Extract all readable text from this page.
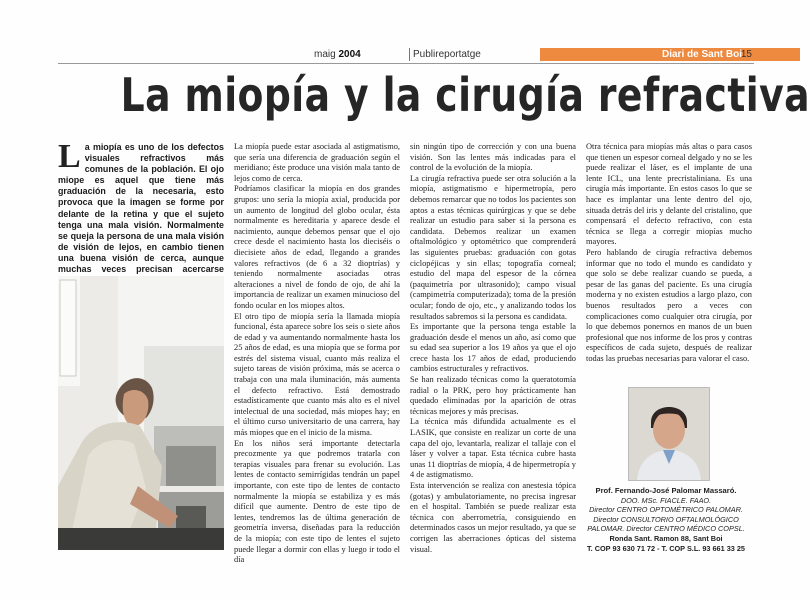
maig 2004	Publireportatge	Diari de Sant Boi
15
La miopía y la cirugía refractiva
La miopía es uno de los defectos visuales refractivos más comunes de la población. El ojo miope es aquel que tiene más graduación de la necesaria, esto provoca que la imagen se forme por delante de la retina y que el sujeto tenga una mala visión. Normalmente se queja la persona de una mala visión de visión de lejos, en cambio tienen una buena visión de cerca, aunque muchas veces precisan acercarse

La miopía puede estar asociada al astigmatismo, que sería una diferencia de graduación según el meridiano; éste produce una visión mala tanto de lejos como de cerca.

Podríamos clasificar la miopía en dos grandes grupos: uno sería la miopía axial, producida por un aumento de longitud del globo ocular, ésta normalmente es hereditaria y aparece desde el nacimiento, aunque debemos pensar que el ojo crece desde el nacimiento hasta los dieciséis o diecisiete años de edad, llegando a grandes valores refractivos (de 6 a 32 dioptrías) y teniendo normalmente asociadas otras alteraciones a nivel de fondo de ojo, de ahí la importancia de realizar un examen minucioso del fondo ocular en los miopes altos.

El otro tipo de miopía sería la llamada miopía funcional, ésta aparece sobre los seis o siete años de edad y va aumentando normalmente hasta los 25 años de edad, es una miopía que se forma por estrés del sistema visual, cuanto más realiza el sujeto tareas de visión próxima, más se acerca o trabaja con una mala iluminación, más aumenta el defecto refractivo. Está demostrado estadísticamente que cuanto más alto es el nivel intelectual de una sociedad, más miopes hay; en el último curso universitario de una carrera, hay más miopes que en el inicio de la misma.

En los niños será importante detectarla precozmente ya que podremos tratarla con terapias visuales para frenar su evolución. Las lentes de contacto semirrígidas tendrán un papel importante, con este tipo de lentes de contacto normalmente la miopía se estabiliza y es más difícil que aumente. Dentro de este tipo de lentes, tendremos las de última generación de geometría inversa, diseñadas para la reducción de la miopía; con este tipo de lentes el sujeto puede llegar a dormir con ellas y luego ir todo el día

sin ningún tipo de corrección y con una buena visión. Son las lentes más indicadas para el control de la evolución de la miopía.

La cirugía refractiva puede ser otra solución a la miopía, astigmatismo e hipermetropía, pero debemos remarcar que no todos los pacientes son aptos a estas técnicas quirúrgicas y que se debe realizar un estudio para saber si la persona es candidata. Debemos realizar un examen oftalmológico y optométrico que comprenderá las siguientes pruebas: graduación con gotas ciclopéjicas y sin ellas; topografía corneal; estudio del mapa del espesor de la córnea (paquimetría por ultrasonido); campo visual (campimetría computerizada); toma de la presión ocular; fondo de ojo, etc., y analizando todos los resultados sabremos si la persona es candidata.

Es importante que la persona tenga estable la graduación desde el menos un año, así como que su edad sea superior a los 19 años ya que el ojo crece hasta los 17 años de edad, produciendo cambios estructurales y refractivos.

Se han realizado técnicas como la queratotomía radial o la PRK, pero hoy prácticamente han quedado eliminadas por la aparición de otras técnicas mejores y más precisas.

La técnica más difundida actualmente es el LASIK, que consiste en realizar un corte de una capa del ojo, levantarla, realizar el tallaje con el láser y volver a tapar. Esta técnica cubre hasta unas 11 dioptrías de miopía, 4 de hipermetropía y 4 de astigmatismo.

Esta intervención se realiza con anestesia tópica (gotas) y ambulatoriamente, no precisa ingresar en el hospital. También se puede realizar esta técnica con aberrometría, consiguiendo en determinados casos un mejor resultado, ya que se corrigen las aberraciones ópticas del sistema visual.

Otra técnica para miopías más altas o para casos que tienen un espesor corneal delgado y no se les puede realizar el láser, es el implante de una lente ICL, una lente precristaliniana. Es una cirugía más importante. En estos casos lo que se hace es implantar una lente dentro del ojo, situada detrás del iris y delante del cristalino, que compensará el defecto refractivo, con esta técnica se llega a corregir miopías mucho mayores.

Pero hablando de cirugía refractiva debemos informar que no todo el mundo es candidato y que solo se debe realizar cuando se pueda, a pesar de las ganas del paciente. Es una cirugía moderna y no existen estudios a largo plazo, con buenos resultados pero a veces con complicaciones como cualquier otra cirugía, por lo que debemos ponernos en manos de un buen profesional que nos informe de los pros y contras específicos de cada sujeto, después de realizar todas las pruebas necesarias para valorar el caso.

Prof. Fernando-José Palomar Massaró.
DOO. MSc. FIACLE. FAAO.
Director CENTRO OPTOMÉTRICO PALOMAR.
Director CONSULTORIO OFTALMOLÓGICO
PALOMAR. Director CENTRO MÉDICO COPSL.
Ronda Sant. Ramon 88, Sant Boi
T. COP 93 630 71 72 - T. COP S.L. 93 661 33 25
